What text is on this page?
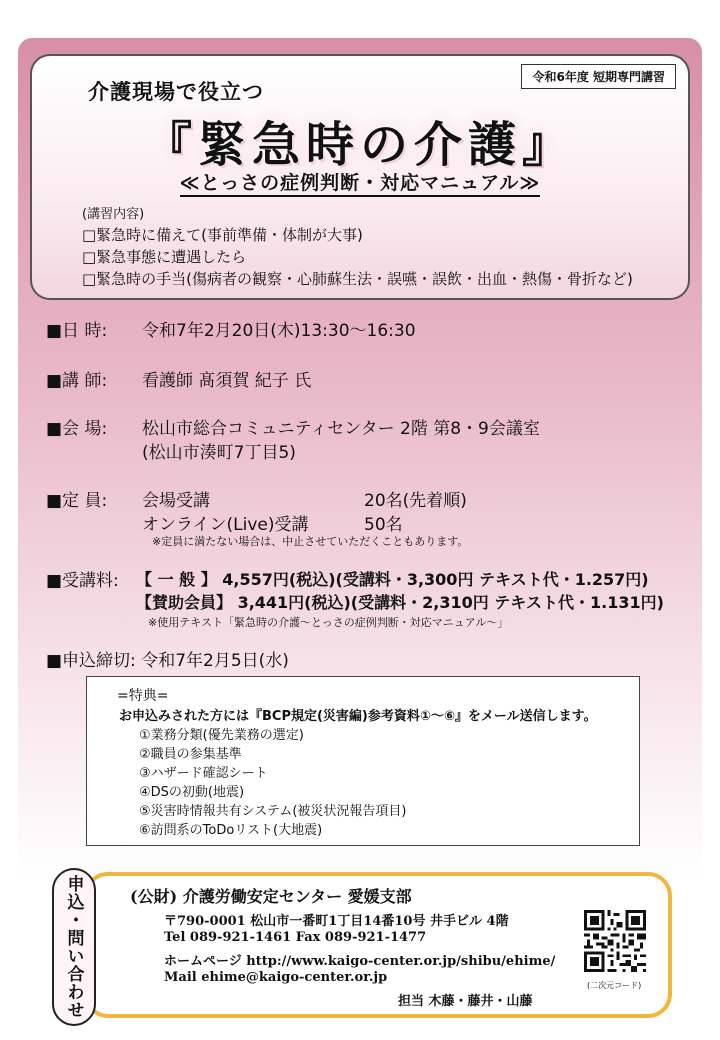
令和6年度 短期専門講習
介護現場で役立つ
『緊急時の介護』
≪とっさの症例判断・対応マニュアル≫
(講習内容)
□緊急時に備えて(事前準備・体制が大事)
□緊急事態に遭遇したら
□緊急時の手当(傷病者の観察・心肺蘇生法・誤嚥・誤飲・出血・熱傷・骨折など)
■日 時: 令和7年2月20日(木)13:30〜16:30
■講 師: 看護師 髙須賀 紀子 氏
■会 場: 松山市総合コミュニティセンター 2階 第8・9会議室
(松山市湊町7丁目5)
■定 員: 会場受講	20名(先着順)
オンライン(Live)受講	50名
※定員に満たない場合は、中止させていただくこともあります。
■受講料:	【 一 般 】 4,557円(税込)(受講料・3,300円 テキスト代・1.257円)
【賛助会員】 3,441円(税込)(受講料・2,310円 テキスト代・1.131円)
※使用テキスト「緊急時の介護〜とっさの症例判断・対応マニュアル〜」
■申込締切: 令和7年2月5日(水)
=特典=
お申込みされた方には『BCP規定(災害編)参考資料①〜⑥』をメール送信します。
①業務分類(優先業務の選定)
②職員の参集基準
③ハザード確認シート
④DSの初動(地震)
⑤災害時情報共有システム(被災状況報告項目)
⑥訪問系のToDoリスト(大地震)
申込・問い合わせ	(公財) 介護労働安定センター 愛媛支部
〒790-0001 松山市一番町1丁目14番10号 井手ビル 4階
Tel 089-921-1461 Fax 089-921-1477
ホームページ http://www.kaigo-center.or.jp/shibu/ehime/
Mail ehime@kaigo-center.or.jp
担当 木藤・藤井・山藤
(二次元コード)
